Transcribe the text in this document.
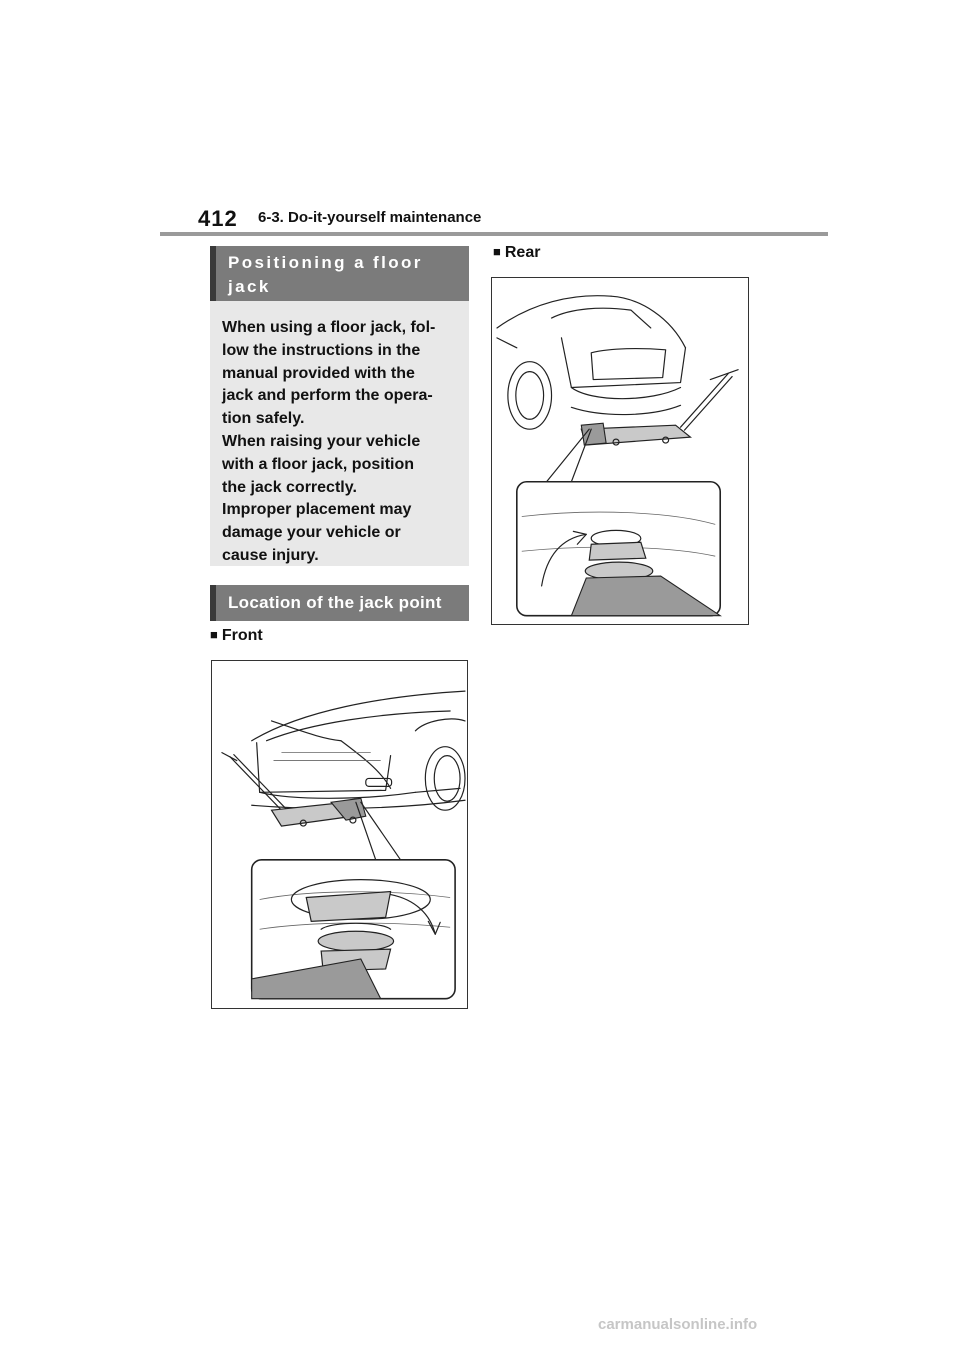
412 6-3. Do-it-yourself maintenance
Positioning a floor jack

When using a floor jack, fol-
low the instructions in the
manual provided with the
jack and perform the opera-
tion safely.
When raising your vehicle
with a floor jack, position
the jack correctly.
Improper placement may
damage your vehicle or
cause injury.

Location of the jack point
■ Front
■ Rear
carmanualsonline.info
